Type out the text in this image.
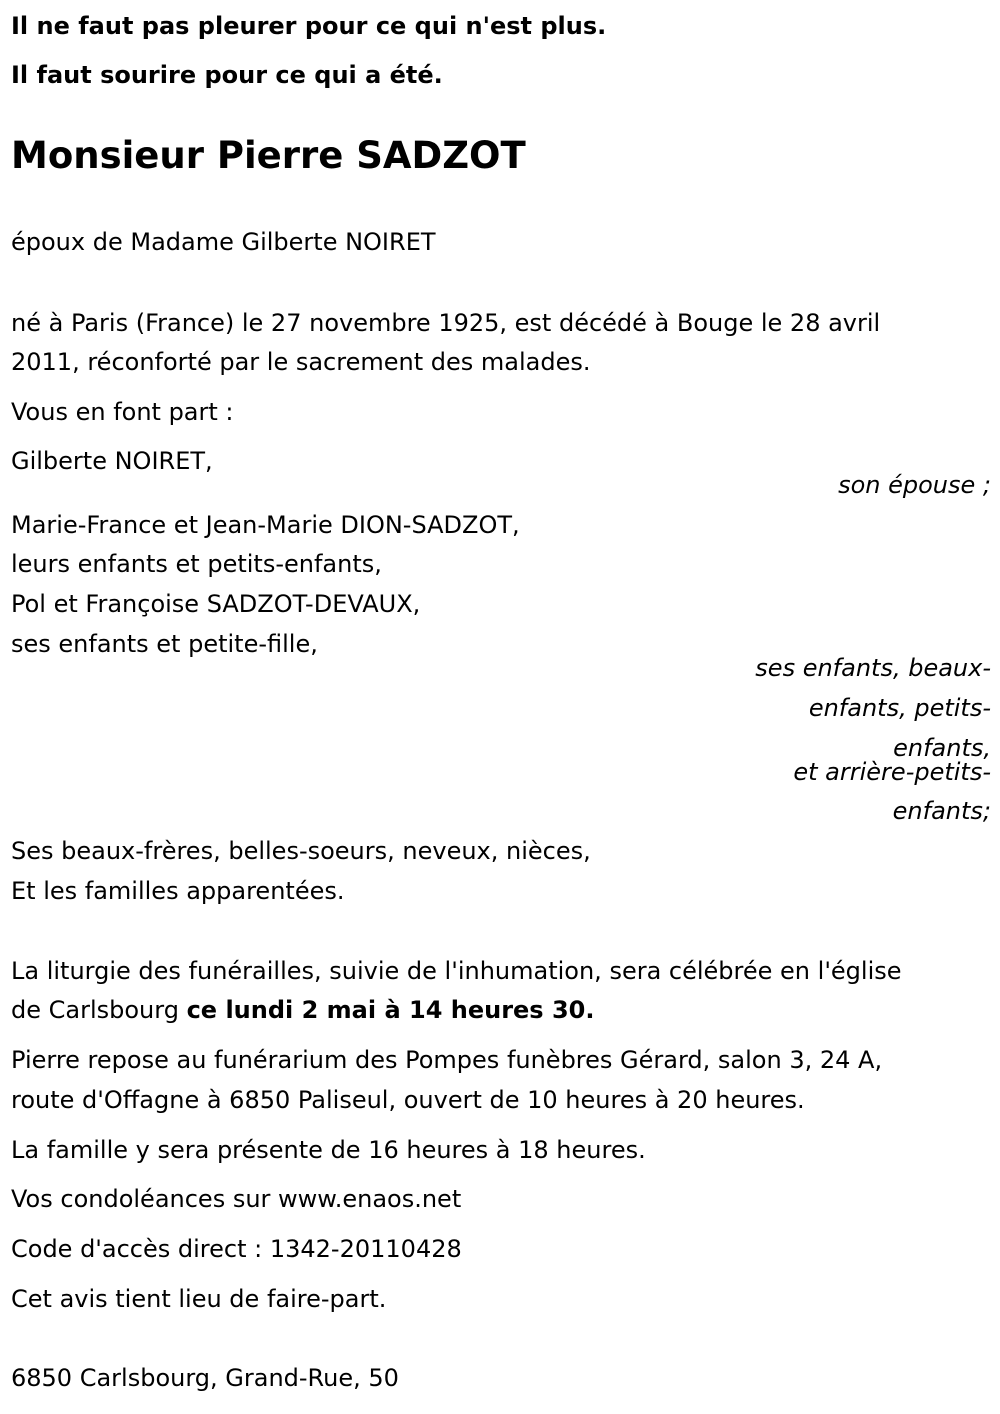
Il ne faut pas pleurer pour ce qui n'est plus.

Il faut sourire pour ce qui a été.

Monsieur Pierre SADZOT

époux de Madame Gilberte NOIRET

né à Paris (France) le 27 novembre 1925, est décédé à Bouge le 28 avril

2011, réconforté par le sacrement des malades.

Vous en font part :

Gilberte NOIRET,

son épouse ;

Marie-France et Jean-Marie DION-SADZOT,

leurs enfants et petits-enfants,

Pol et Françoise SADZOT-DEVAUX,

ses enfants et petite-fille,

ses enfants, beaux-

enfants, petits-

enfants,

et arrière-petits-

enfants;

Ses beaux-frères, belles-soeurs, neveux, nièces,

Et les familles apparentées.

La liturgie des funérailles, suivie de l'inhumation, sera célébrée en l'église

de Carlsbourg ce lundi 2 mai à 14 heures 30.

Pierre repose au funérarium des Pompes funèbres Gérard, salon 3, 24 A,

route d'Offagne à 6850 Paliseul, ouvert de 10 heures à 20 heures.

La famille y sera présente de 16 heures à 18 heures.

Vos condoléances sur www.enaos.net

Code d'accès direct : 1342-20110428

Cet avis tient lieu de faire-part.

6850 Carlsbourg, Grand-Rue, 50
